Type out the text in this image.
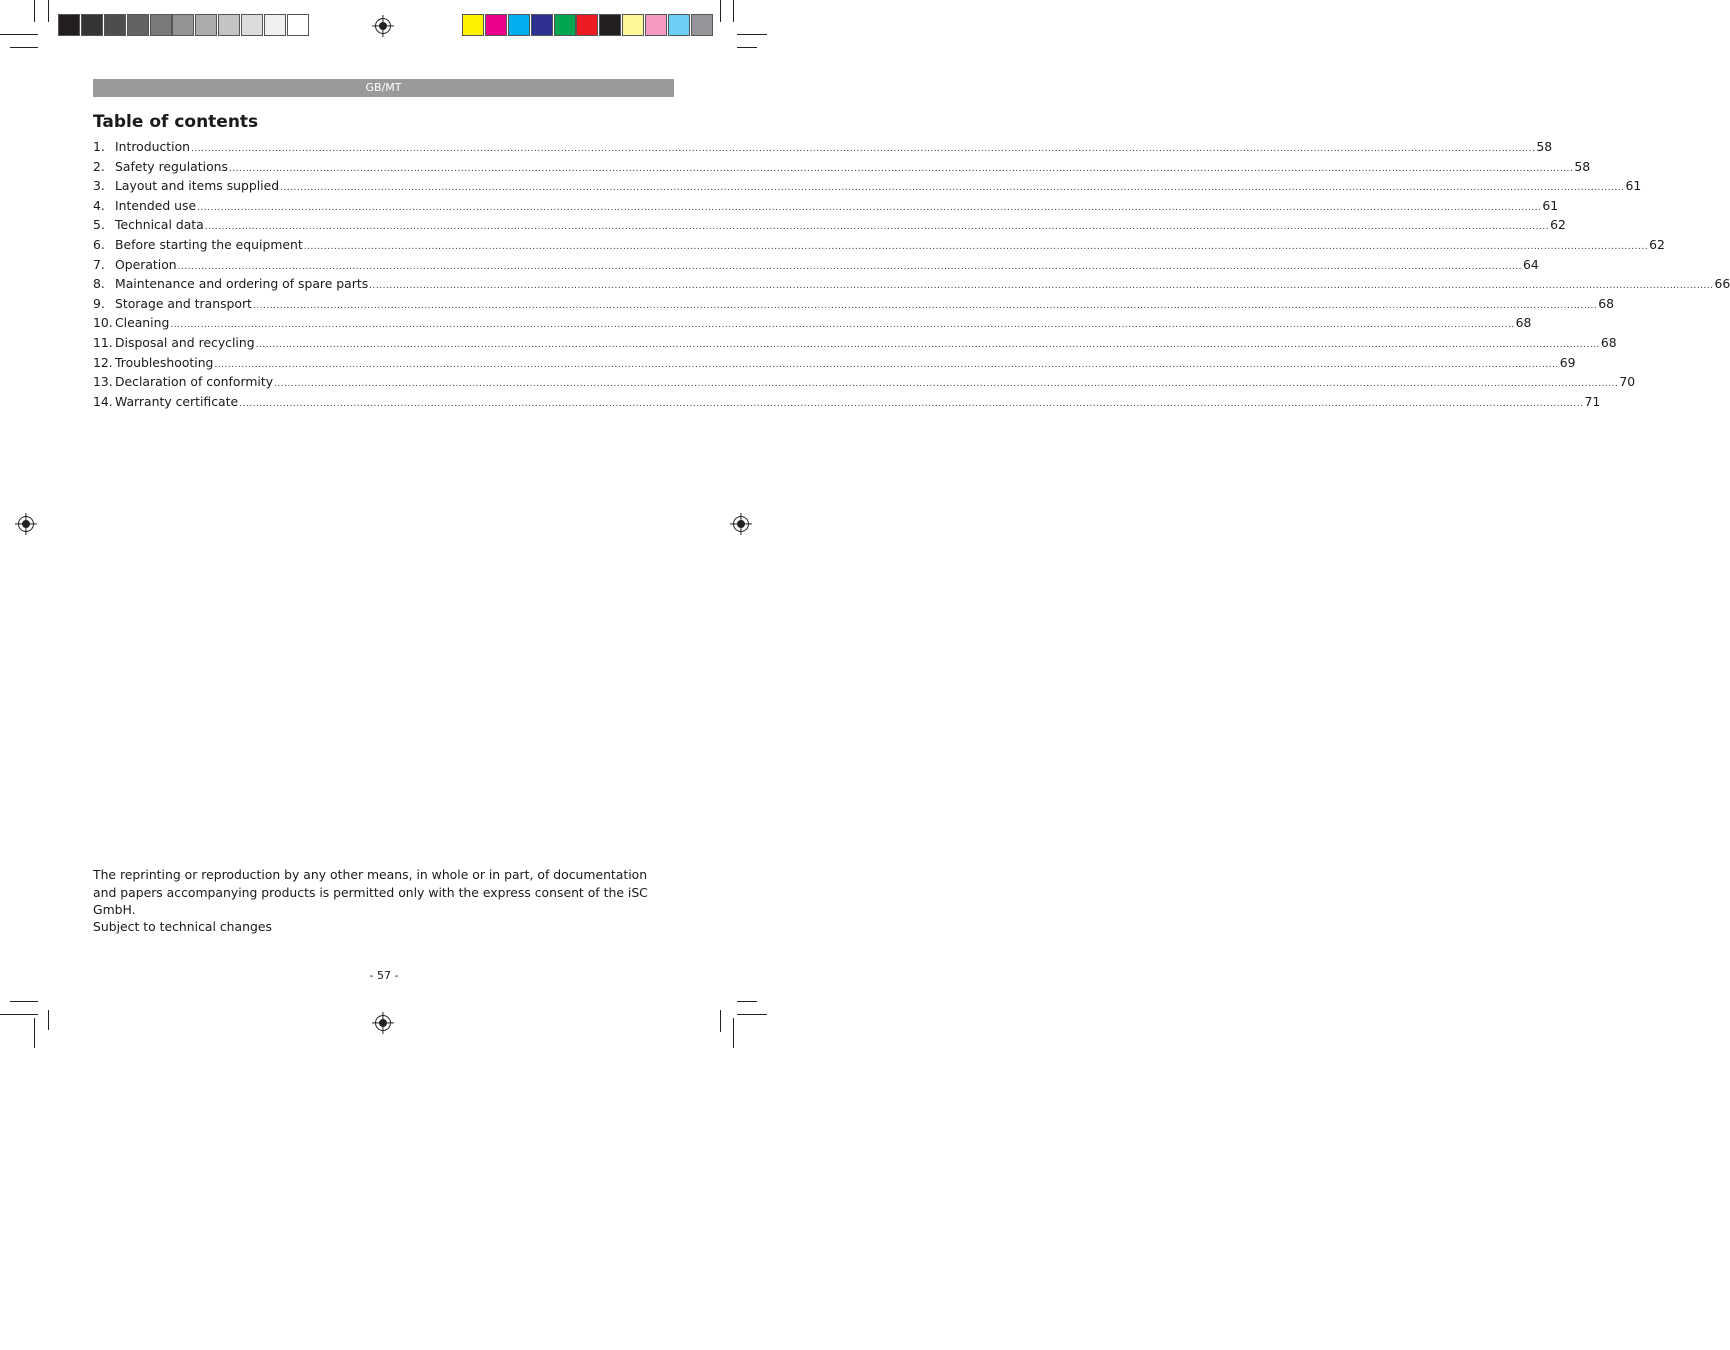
GB/MT
Table of contents
1. Introduction ................................................................................................................................................................................................................................................................................................................................................................................................................ 58
2. Safety regulations ................................................................................................................................................................................................................................................................................................................................................................................................................ 58
3. Layout and items supplied ................................................................................................................................................................................................................................................................................................................................................................................................................ 61
4. Intended use ................................................................................................................................................................................................................................................................................................................................................................................................................ 61
5. Technical data ................................................................................................................................................................................................................................................................................................................................................................................................................ 62
6. Before starting the equipment ................................................................................................................................................................................................................................................................................................................................................................................................................ 62
7. Operation ................................................................................................................................................................................................................................................................................................................................................................................................................ 64
8. Maintenance and ordering of spare parts ................................................................................................................................................................................................................................................................................................................................................................................................................ 66
9. Storage and transport ................................................................................................................................................................................................................................................................................................................................................................................................................ 68
10. Cleaning ................................................................................................................................................................................................................................................................................................................................................................................................................ 68
11. Disposal and recycling ................................................................................................................................................................................................................................................................................................................................................................................................................ 68
12. Troubleshooting ................................................................................................................................................................................................................................................................................................................................................................................................................ 69
13. Declaration of conformity ................................................................................................................................................................................................................................................................................................................................................................................................................ 70
14. Warranty certificate ................................................................................................................................................................................................................................................................................................................................................................................................................ 71
The reprinting or reproduction by any other means, in whole or in part, of documentation and papers accompanying products is permitted only with the express consent of the iSC GmbH.
Subject to technical changes
- 57 -
